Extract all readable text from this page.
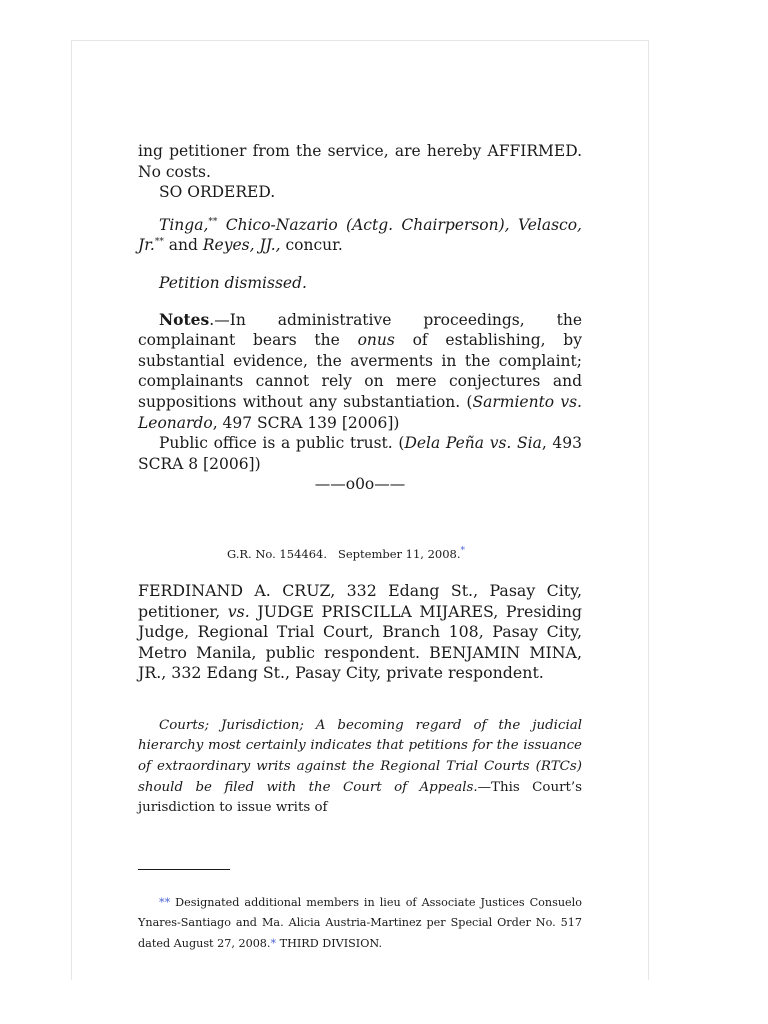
ing petitioner from the service, are hereby AFFIRMED. No costs.

SO ORDERED.

Tinga,** Chico-Nazario (Actg. Chairperson), Velasco, Jr.** and Reyes, JJ., concur.

Petition dismissed.

Notes.—In administrative proceedings, the complainant bears the onus of establishing, by substantial evidence, the averments in the complaint; complainants cannot rely on mere conjectures and suppositions without any substantiation. (Sarmiento vs. Leonardo, 497 SCRA 139 [2006])

Public office is a public trust. (Dela Peña vs. Sia, 493 SCRA 8 [2006])

——o0o——

G.R. No. 154464. September 11, 2008.*

FERDINAND A. CRUZ, 332 Edang St., Pasay City, petitioner, vs. JUDGE PRISCILLA MIJARES, Presiding Judge, Regional Trial Court, Branch 108, Pasay City, Metro Manila, public respondent. BENJAMIN MINA, JR., 332 Edang St., Pasay City, private respondent.

Courts; Jurisdiction; A becoming regard of the judicial hierarchy most certainly indicates that petitions for the issuance of extraordinary writs against the Regional Trial Courts (RTCs) should be filed with the Court of Appeals.—This Court’s jurisdiction to issue writs of

** Designated additional members in lieu of Associate Justices Consuelo Ynares-Santiago and Ma. Alicia Austria-Martinez per Special Order No. 517 dated August 27, 2008.* THIRD DIVISION.
